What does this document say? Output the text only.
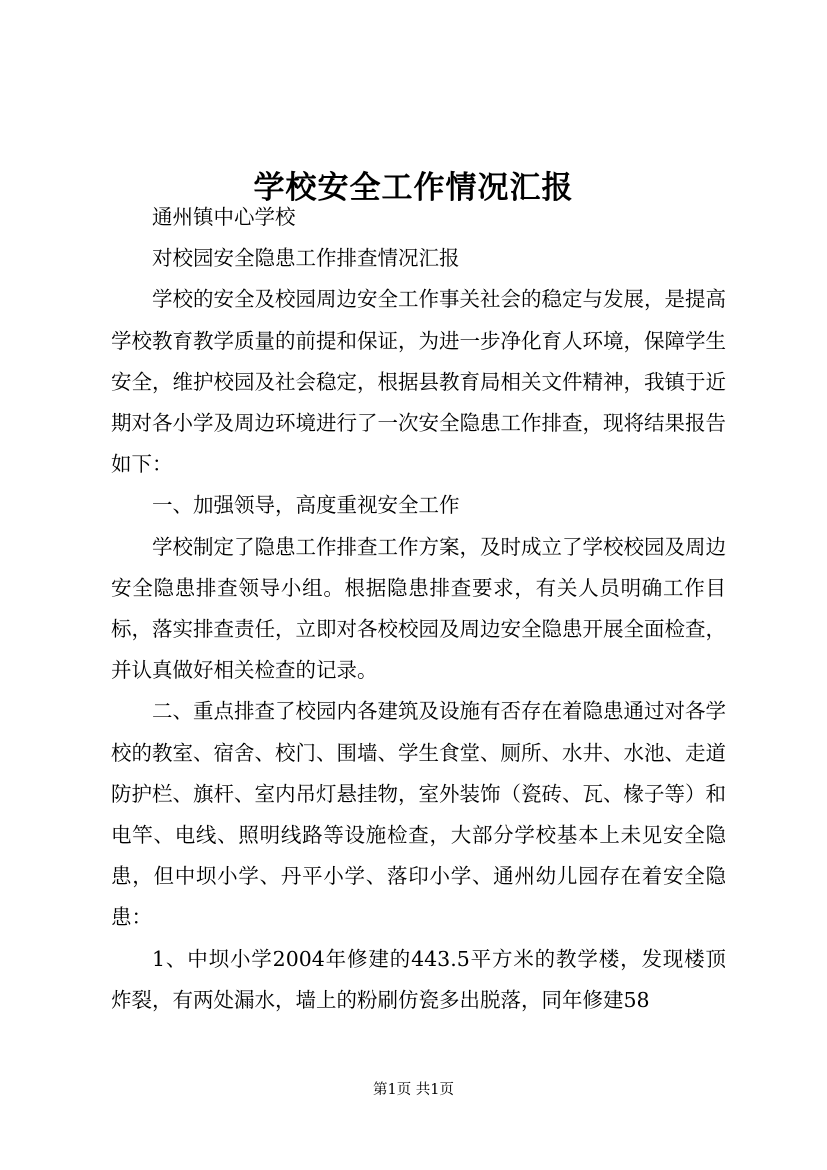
学校安全工作情况汇报

通州镇中心学校

对校园安全隐患工作排查情况汇报

学校的安全及校园周边安全工作事关社会的稳定与发展，是提高学校教育教学质量的前提和保证，为进一步净化育人环境，保障学生安全，维护校园及社会稳定，根据县教育局相关文件精神，我镇于近期对各小学及周边环境进行了一次安全隐患工作排查，现将结果报告如下：

一、加强领导，高度重视安全工作

学校制定了隐患工作排查工作方案，及时成立了学校校园及周边安全隐患排查领导小组。根据隐患排查要求，有关人员明确工作目标，落实排查责任，立即对各校校园及周边安全隐患开展全面检查，并认真做好相关检查的记录。

二、重点排查了校园内各建筑及设施有否存在着隐患通过对各学校的教室、宿舍、校门、围墙、学生食堂、厕所、水井、水池、走道防护栏、旗杆、室内吊灯悬挂物，室外装饰（瓷砖、瓦、椽子等）和电竿、电线、照明线路等设施检查，大部分学校基本上未见安全隐患，但中坝小学、丹平小学、落印小学、通州幼儿园存在着安全隐患：

1、中坝小学2004年修建的443.5平方米的教学楼，发现楼顶炸裂，有两处漏水，墙上的粉刷仿瓷多出脱落，同年修建58

第1页 共1页
